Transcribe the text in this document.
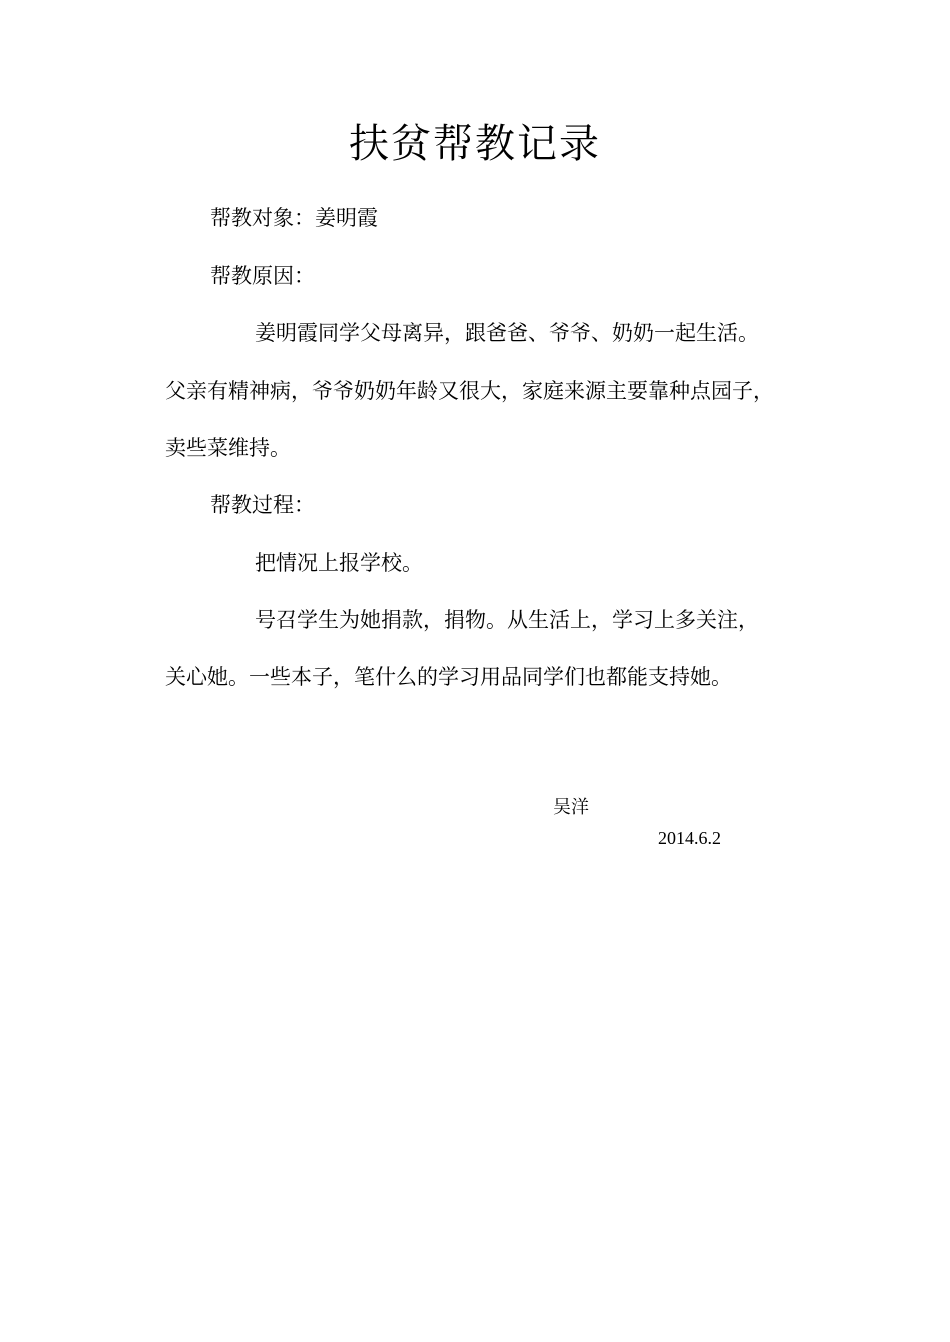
扶贫帮教记录
帮教对象：姜明霞
帮教原因：
姜明霞同学父母离异，跟爸爸、爷爷、奶奶一起生活。
父亲有精神病，爷爷奶奶年龄又很大，家庭来源主要靠种点园子，
卖些菜维持。
帮教过程：
把情况上报学校。
号召学生为她捐款，捐物。从生活上，学习上多关注，
关心她。一些本子，笔什么的学习用品同学们也都能支持她。
吴洋
2014.6.2
